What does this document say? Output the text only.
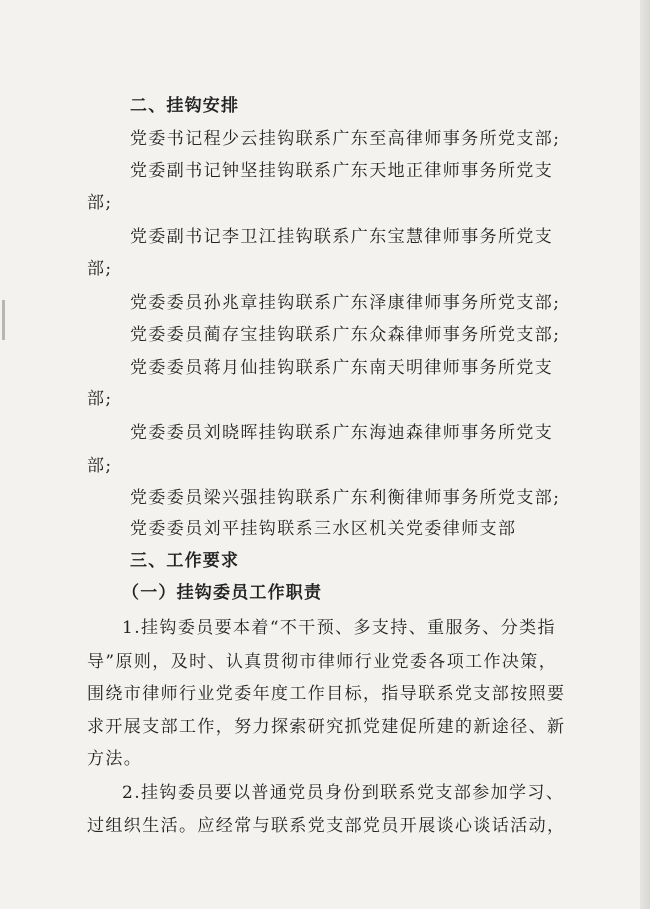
二、挂钩安排
党委书记程少云挂钩联系广东至高律师事务所党支部;
党委副书记钟坚挂钩联系广东天地正律师事务所党支
部;
党委副书记李卫江挂钩联系广东宝慧律师事务所党支
部;
党委委员孙兆章挂钩联系广东泽康律师事务所党支部;
党委委员蔺存宝挂钩联系广东众森律师事务所党支部;
党委委员蒋月仙挂钩联系广东南天明律师事务所党支
部;
党委委员刘晓晖挂钩联系广东海迪森律师事务所党支
部;
党委委员梁兴强挂钩联系广东利衡律师事务所党支部;
党委委员刘平挂钩联系三水区机关党委律师支部
三、工作要求
（一）挂钩委员工作职责
1.挂钩委员要本着“不干预、多支持、重服务、分类指
导”原则，及时、认真贯彻市律师行业党委各项工作决策，
围绕市律师行业党委年度工作目标，指导联系党支部按照要
求开展支部工作，努力探索研究抓党建促所建的新途径、新
方法。
2.挂钩委员要以普通党员身份到联系党支部参加学习、
过组织生活。应经常与联系党支部党员开展谈心谈话活动，
